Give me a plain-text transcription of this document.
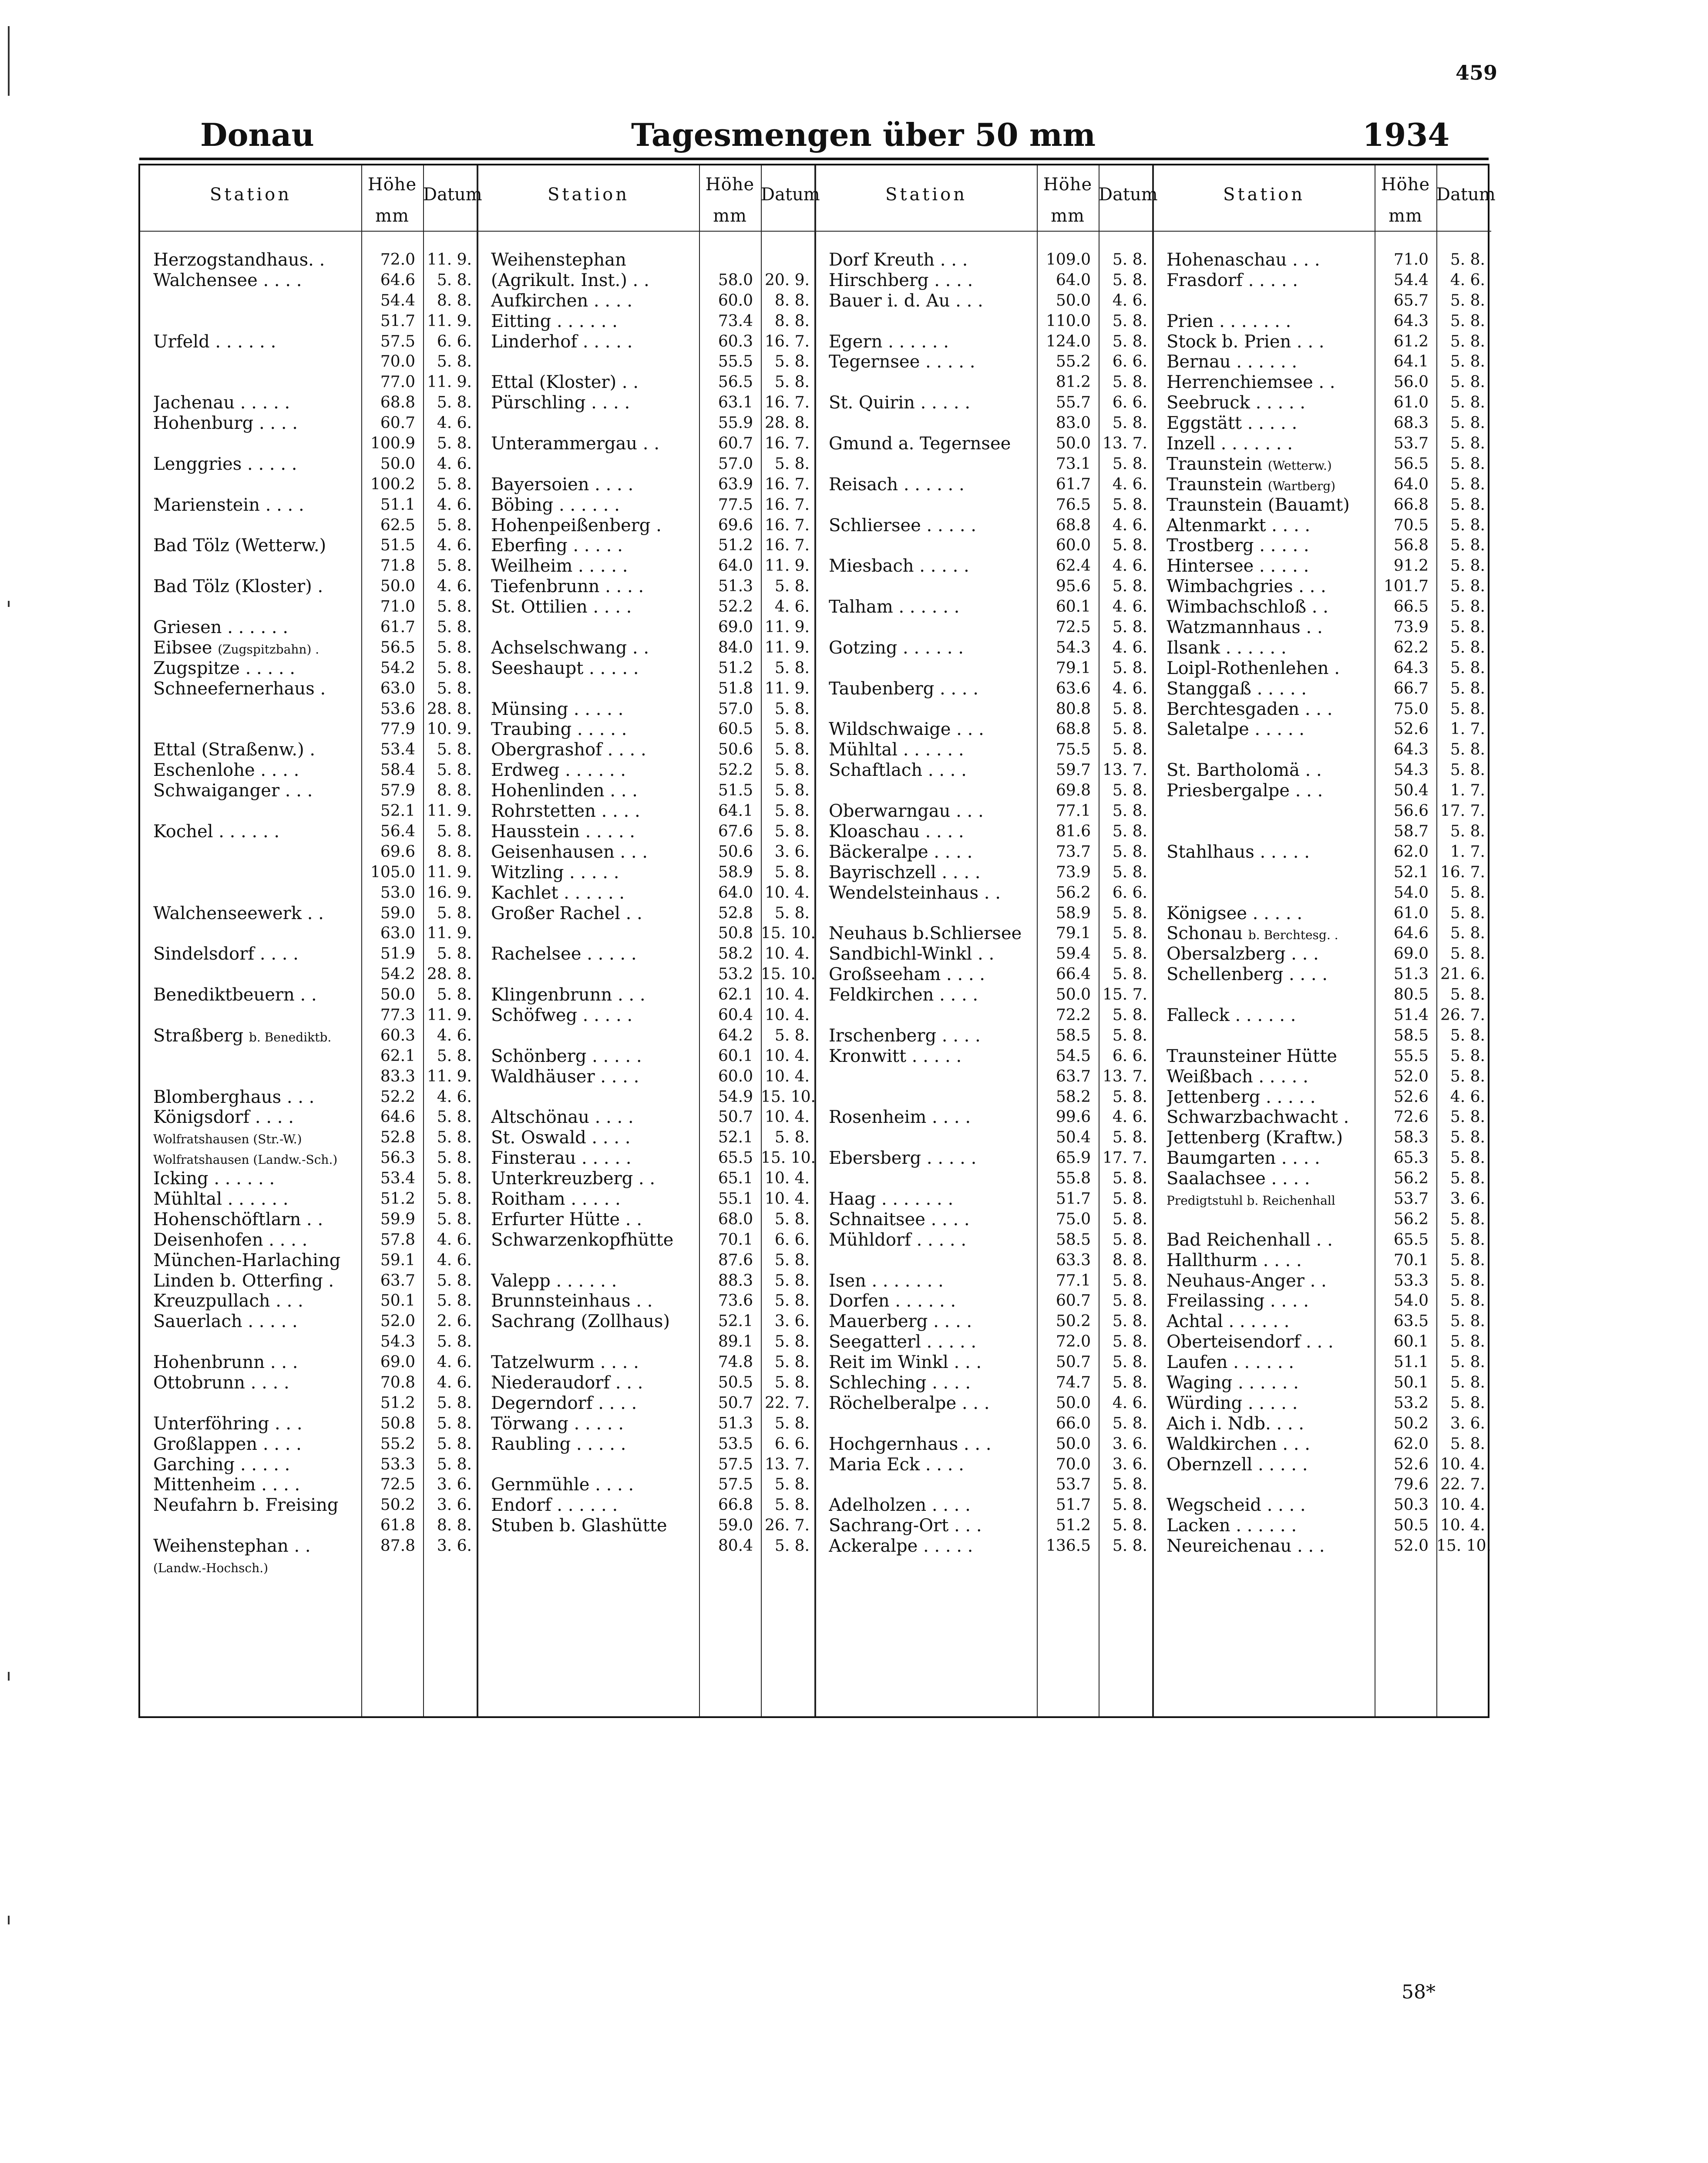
459
Donau	Tagesmengen über 50 mm	1934
Station	Höhe
mm
Datum
Herzogstandhaus. .	72.0 11. 9.
Walchensee . . . .	64.6	5. 8.
54.4	8. 8.
51.7 11. 9.
Urfeld . . . . . .	57.5	6. 6.
70.0	5. 8.
77.0 11. 9.
Jachenau . . . . .	68.8	5. 8.
Hohenburg . . . .	60.7	4. 6.
100.9	5. 8.
Lenggries . . . . .	50.0	4. 6.
100.2	5. 8.
Marienstein . . . .	51.1	4. 6.
62.5	5. 8.
Bad Tölz (Wetterw.)	51.5	4. 6.
71.8	5. 8.
Bad Tölz (Kloster) .	50.0	4. 6.
71.0	5. 8.
Griesen . . . . . .	61.7	5. 8.
Eibsee (Zugspitzbahn) .	56.5	5. 8.
Zugspitze . . . . .	54.2	5. 8.
Schneefernerhaus .	63.0	5. 8.
53.6 28. 8.
77.9 10. 9.
Ettal (Straßenw.) .	53.4	5. 8.
Eschenlohe . . . .	58.4	5. 8.
Schwaiganger . . .	57.9	8. 8.
52.1 11. 9.
Kochel . . . . . .	56.4	5. 8.
69.6	8. 8.
105.0 11. 9.
53.0 16. 9.
Walchenseewerk . .	59.0	5. 8.
63.0 11. 9.
Sindelsdorf . . . .	51.9	5. 8.
54.2 28. 8.
Benediktbeuern . .	50.0	5. 8.
77.3 11. 9.
Straßberg b. Benediktb.	60.3	4. 6.
62.1	5. 8.
83.3 11. 9.
Blomberghaus . . .	52.2	4. 6.
Königsdorf . . . .	64.6	5. 8.
Wolfratshausen (Str.-W.)	52.8	5. 8.
Wolfratshausen (Landw.-Sch.)	56.3	5. 8.
Icking . . . . . .	53.4	5. 8.
Mühltal . . . . . .	51.2	5. 8.
Hohenschöftlarn . .	59.9	5. 8.
Deisenhofen . . . .	57.8	4. 6.
München-Harlaching	59.1	4. 6.
Linden b. Otterfing .	63.7	5. 8.
Kreuzpullach . . .	50.1	5. 8.
Sauerlach . . . . .	52.0	2. 6.
54.3	5. 8.
Hohenbrunn . . .	69.0	4. 6.
Ottobrunn . . . .	70.8	4. 6.
51.2	5. 8.
Unterföhring . . .	50.8	5. 8.
Großlappen . . . .	55.2	5. 8.
Garching . . . . .	53.3	5. 8.
Mittenheim . . . .	72.5	3. 6.
Neufahrn b. Freising	50.2	3. 6.
61.8	8. 8.
Weihenstephan . .	87.8	3. 6.
(Landw.-Hochsch.)
Station	Höhe
mm
Datum
Weihenstephan
(Agrikult. Inst.) . .	58.0 20. 9.
Aufkirchen . . . .	60.0	8. 8.
Eitting . . . . . .	73.4	8. 8.
Linderhof . . . . .	60.3 16. 7.
55.5	5. 8.
Ettal (Kloster) . .	56.5	5. 8.
Pürschling . . . .	63.1 16. 7.
55.9 28. 8.
Unterammergau . .	60.7 16. 7.
57.0	5. 8.
Bayersoien . . . .	63.9 16. 7.
Böbing . . . . . .	77.5 16. 7.
Hohenpeißenberg .	69.6 16. 7.
Eberfing . . . . .	51.2 16. 7.
Weilheim . . . . .	64.0 11. 9.
Tiefenbrunn . . . .	51.3	5. 8.
St. Ottilien . . . .	52.2	4. 6.
69.0 11. 9.
Achselschwang . .	84.0 11. 9.
Seeshaupt . . . . .	51.2	5. 8.
51.8 11. 9.
Münsing . . . . .	57.0	5. 8.
Traubing . . . . .	60.5	5. 8.
Obergrashof . . . .	50.6	5. 8.
Erdweg . . . . . .	52.2	5. 8.
Hohenlinden . . .	51.5	5. 8.
Rohrstetten . . . .	64.1	5. 8.
Hausstein . . . . .	67.6	5. 8.
Geisenhausen . . .	50.6	3. 6.
Witzling . . . . .	58.9	5. 8.
Kachlet . . . . . .	64.0 10. 4.
Großer Rachel . .	52.8	5. 8.
50.8 15. 10.
Rachelsee . . . . .	58.2 10. 4.
53.2 15. 10.
Klingenbrunn . . .	62.1 10. 4.
Schöfweg . . . . .	60.4 10. 4.
64.2	5. 8.
Schönberg . . . . .	60.1 10. 4.
Waldhäuser . . . .	60.0 10. 4.
54.9 15. 10.
Altschönau . . . .	50.7 10. 4.
St. Oswald . . . .	52.1	5. 8.
Finsterau . . . . .	65.5 15. 10.
Unterkreuzberg . .	65.1 10. 4.
Roitham . . . . .	55.1 10. 4.
Erfurter Hütte . .	68.0	5. 8.
Schwarzenkopfhütte	70.1	6. 6.
87.6	5. 8.
Valepp . . . . . .	88.3	5. 8.
Brunnsteinhaus . .	73.6	5. 8.
Sachrang (Zollhaus)	52.1	3. 6.
89.1	5. 8.
Tatzelwurm . . . .	74.8	5. 8.
Niederaudorf . . .	50.5	5. 8.
Degerndorf . . . .	50.7 22. 7.
Törwang . . . . .	51.3	5. 8.
Raubling . . . . .	53.5	6. 6.
57.5 13. 7.
Gernmühle . . . .	57.5	5. 8.
Endorf . . . . . .	66.8	5. 8.
Stuben b. Glashütte	59.0 26. 7.
80.4	5. 8.
Station	Höhe
mm
Datum
Dorf Kreuth . . .	109.0	5. 8.
Hirschberg . . . .	64.0	5. 8.
Bauer i. d. Au . . .	50.0	4. 6.
110.0	5. 8.
Egern . . . . . .	124.0	5. 8.
Tegernsee . . . . .	55.2	6. 6.
81.2	5. 8.
St. Quirin . . . . .	55.7	6. 6.
83.0	5. 8.
Gmund a. Tegernsee	50.0 13. 7.
73.1	5. 8.
Reisach . . . . . .	61.7	4. 6.
76.5	5. 8.
Schliersee . . . . .	68.8	4. 6.
60.0	5. 8.
Miesbach . . . . .	62.4	4. 6.
95.6	5. 8.
Talham . . . . . .	60.1	4. 6.
72.5	5. 8.
Gotzing . . . . . .	54.3	4. 6.
79.1	5. 8.
Taubenberg . . . .	63.6	4. 6.
80.8	5. 8.
Wildschwaige . . .	68.8	5. 8.
Mühltal . . . . . .	75.5	5. 8.
Schaftlach . . . .	59.7 13. 7.
69.8	5. 8.
Oberwarngau . . .	77.1	5. 8.
Kloaschau . . . .	81.6	5. 8.
Bäckeralpe . . . .	73.7	5. 8.
Bayrischzell . . . .	73.9	5. 8.
Wendelsteinhaus . .	56.2	6. 6.
58.9	5. 8.
Neuhaus b.Schliersee	79.1	5. 8.
Sandbichl-Winkl . .	59.4	5. 8.
Großseeham . . . .	66.4	5. 8.
Feldkirchen . . . .	50.0 15. 7.
72.2	5. 8.
Irschenberg . . . .	58.5	5. 8.
Kronwitt . . . . .	54.5	6. 6.
63.7 13. 7.
58.2	5. 8.
Rosenheim . . . .	99.6	4. 6.
50.4	5. 8.
Ebersberg . . . . .	65.9 17. 7.
55.8	5. 8.
Haag . . . . . . .	51.7	5. 8.
Schnaitsee . . . .	75.0	5. 8.
Mühldorf . . . . .	58.5	5. 8.
63.3	8. 8.
Isen . . . . . . .	77.1	5. 8.
Dorfen . . . . . .	60.7	5. 8.
Mauerberg . . . .	50.2	5. 8.
Seegatterl . . . . .	72.0	5. 8.
Reit im Winkl . . .	50.7	5. 8.
Schleching . . . .	74.7	5. 8.
Röchelberalpe . . .	50.0	4. 6.
66.0	5. 8.
Hochgernhaus . . .	50.0	3. 6.
Maria Eck . . . .	70.0	3. 6.
53.7	5. 8.
Adelholzen . . . .	51.7	5. 8.
Sachrang-Ort . . .	51.2	5. 8.
Ackeralpe . . . . .	136.5	5. 8.
Station	Höhe
mm
Datum
Hohenaschau . . .	71.0	5. 8.
Frasdorf . . . . .	54.4	4. 6.
65.7	5. 8.
Prien . . . . . . .	64.3	5. 8.
Stock b. Prien . . .	61.2	5. 8.
Bernau . . . . . .	64.1	5. 8.
Herrenchiemsee . .	56.0	5. 8.
Seebruck . . . . .	61.0	5. 8.
Eggstätt . . . . .	68.3	5. 8.
Inzell . . . . . . .	53.7	5. 8.
Traunstein (Wetterw.)	56.5	5. 8.
Traunstein (Wartberg)	64.0	5. 8.
Traunstein (Bauamt)	66.8	5. 8.
Altenmarkt . . . .	70.5	5. 8.
Trostberg . . . . .	56.8	5. 8.
Hintersee . . . . .	91.2	5. 8.
Wimbachgries . . .	101.7	5. 8.
Wimbachschloß . .	66.5	5. 8.
Watzmannhaus . .	73.9	5. 8.
Ilsank . . . . . .	62.2	5. 8.
Loipl-Rothenlehen .	64.3	5. 8.
Stanggaß . . . . .	66.7	5. 8.
Berchtesgaden . . .	75.0	5. 8.
Saletalpe . . . . .	52.6	1. 7.
64.3	5. 8.
St. Bartholomä . .	54.3	5. 8.
Priesbergalpe . . .	50.4	1. 7.
56.6 17. 7.
58.7	5. 8.
Stahlhaus . . . . .	62.0	1. 7.
52.1 16. 7.
54.0	5. 8.
Königsee . . . . .	61.0	5. 8.
Schonau b. Berchtesg. .	64.6	5. 8.
Obersalzberg . . .	69.0	5. 8.
Schellenberg . . . .	51.3 21. 6.
80.5	5. 8.
Falleck . . . . . .	51.4 26. 7.
58.5	5. 8.
Traunsteiner Hütte	55.5	5. 8.
Weißbach . . . . .	52.0	5. 8.
Jettenberg . . . . .	52.6	4. 6.
Schwarzbachwacht .	72.6	5. 8.
Jettenberg (Kraftw.)	58.3	5. 8.
Baumgarten . . . .	65.3	5. 8.
Saalachsee . . . .	56.2	5. 8.
Predigtstuhl b. Reichenhall	53.7	3. 6.
56.2	5. 8.
Bad Reichenhall . .	65.5	5. 8.
Hallthurm . . . .	70.1	5. 8.
Neuhaus-Anger . .	53.3	5. 8.
Freilassing . . . .	54.0	5. 8.
Achtal . . . . . .	63.5	5. 8.
Oberteisendorf . . .	60.1	5. 8.
Laufen . . . . . .	51.1	5. 8.
Waging . . . . . .	50.1	5. 8.
Würding . . . . .	53.2	5. 8.
Aich i. Ndb. . . .	50.2	3. 6.
Waldkirchen . . .	62.0	5. 8.
Obernzell . . . . .	52.6 10. 4.
79.6 22. 7.
Wegscheid . . . .	50.3 10. 4.
Lacken . . . . . .	50.5 10. 4.
Neureichenau . . .	52.0 15. 10.
58*
